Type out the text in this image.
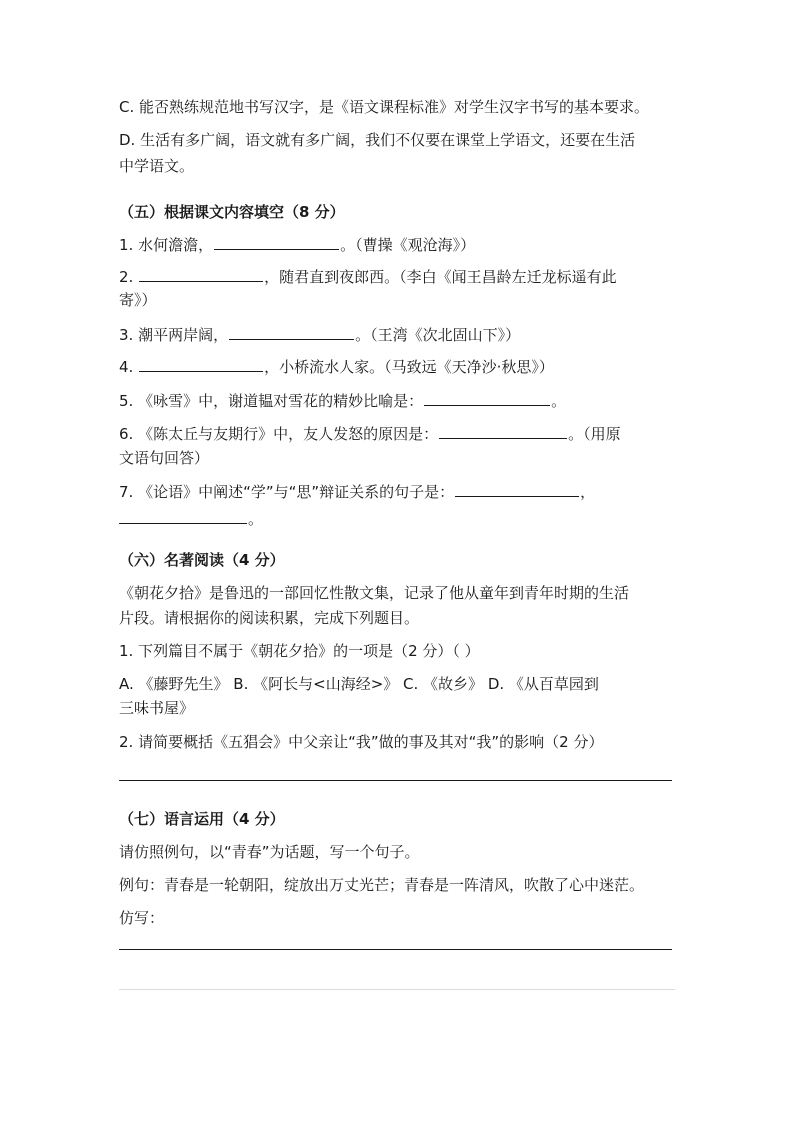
C. 能否熟练规范地书写汉字，是《语文课程标准》对学生汉字书写的基本要求。
D. 生活有多广阔，语文就有多广阔，我们不仅要在课堂上学语文，还要在生活
中学语文。
（五）根据课文内容填空（8 分）
1. 水何澹澹，	。（曹操《观沧海》）
2.	，随君直到夜郎西。（李白《闻王昌龄左迁龙标遥有此
寄》）
3. 潮平两岸阔，	。（王湾《次北固山下》）
4.	，小桥流水人家。（马致远《天净沙·秋思》）
5. 《咏雪》中，谢道韫对雪花的精妙比喻是：	。
6. 《陈太丘与友期行》中，友人发怒的原因是：	。（用原
文语句回答）
7. 《论语》中阐述“学”与“思”辩证关系的句子是：	，
。
（六）名著阅读（4 分）
《朝花夕拾》是鲁迅的一部回忆性散文集，记录了他从童年到青年时期的生活
片段。请根据你的阅读积累，完成下列题目。
1. 下列篇目不属于《朝花夕拾》的一项是（2 分）（ ）
A. 《藤野先生》 B. 《阿长与<山海经>》 C. 《故乡》 D. 《从百草园到
三味书屋》
2. 请简要概括《五猖会》中父亲让“我”做的事及其对“我”的影响（2 分）
（七）语言运用（4 分）
请仿照例句，以“青春”为话题，写一个句子。
例句：青春是一轮朝阳，绽放出万丈光芒；青春是一阵清风，吹散了心中迷茫。
仿写：
